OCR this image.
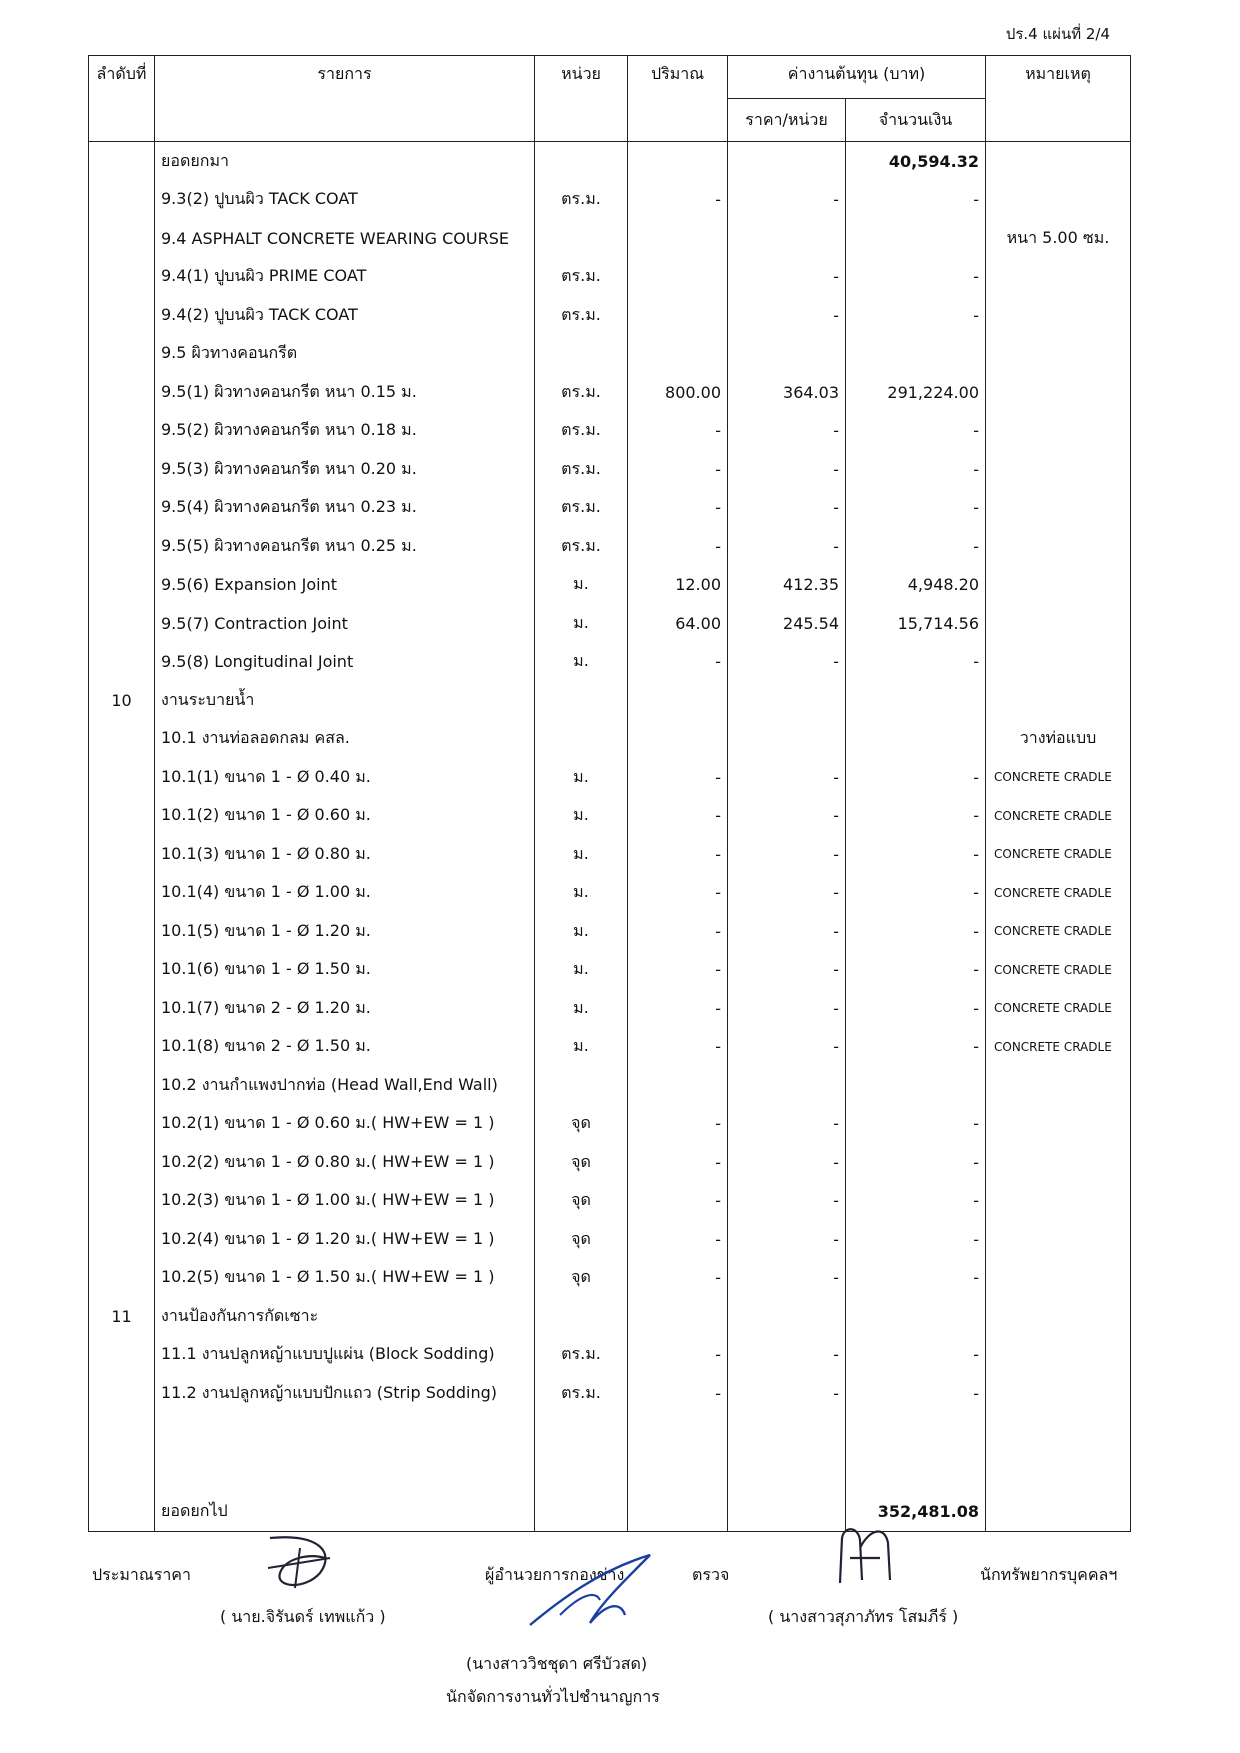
ปร.4 แผ่นที่ 2/4
ลำดับที่	รายการ	หน่วย	ปริมาณ	ค่างานต้นทุน (บาท)		หมายเหตุ
				ราคา/หน่วย	จำนวนเงิน	
	ยอดยกมา				40,594.32	
	9.3(2) ปูบนผิว TACK COAT	ตร.ม.	-	-	-	
	9.4 ASPHALT CONCRETE WEARING COURSE					หนา 5.00 ซม.
	9.4(1) ปูบนผิว PRIME COAT	ตร.ม.		-	-	
	9.4(2) ปูบนผิว TACK COAT	ตร.ม.		-	-	
	9.5 ผิวทางคอนกรีต					
	9.5(1) ผิวทางคอนกรีต หนา 0.15 ม.	ตร.ม.	800.00	364.03	291,224.00	
	9.5(2) ผิวทางคอนกรีต หนา 0.18 ม.	ตร.ม.	-	-	-	
	9.5(3) ผิวทางคอนกรีต หนา 0.20 ม.	ตร.ม.	-	-	-	
	9.5(4) ผิวทางคอนกรีต หนา 0.23 ม.	ตร.ม.	-	-	-	
	9.5(5) ผิวทางคอนกรีต หนา 0.25 ม.	ตร.ม.	-	-	-	
	9.5(6) Expansion Joint	ม.	12.00	412.35	4,948.20	
	9.5(7) Contraction Joint	ม.	64.00	245.54	15,714.56	
	9.5(8) Longitudinal Joint	ม.	-	-	-	
10	งานระบายน้ำ					
	10.1 งานท่อลอดกลม คสล.					วางท่อแบบ
	10.1(1) ขนาด 1 - Ø 0.40 ม.	ม.	-	-	-	CONCRETE CRADLE
	10.1(2) ขนาด 1 - Ø 0.60 ม.	ม.	-	-	-	CONCRETE CRADLE
	10.1(3) ขนาด 1 - Ø 0.80 ม.	ม.	-	-	-	CONCRETE CRADLE
	10.1(4) ขนาด 1 - Ø 1.00 ม.	ม.	-	-	-	CONCRETE CRADLE
	10.1(5) ขนาด 1 - Ø 1.20 ม.	ม.	-	-	-	CONCRETE CRADLE
	10.1(6) ขนาด 1 - Ø 1.50 ม.	ม.	-	-	-	CONCRETE CRADLE
	10.1(7) ขนาด 2 - Ø 1.20 ม.	ม.	-	-	-	CONCRETE CRADLE
	10.1(8) ขนาด 2 - Ø 1.50 ม.	ม.	-	-	-	CONCRETE CRADLE
	10.2 งานกำแพงปากท่อ (Head Wall,End Wall)					
	10.2(1) ขนาด 1 - Ø 0.60 ม.( HW+EW = 1 )	จุด	-	-	-	
	10.2(2) ขนาด 1 - Ø 0.80 ม.( HW+EW = 1 )	จุด	-	-	-	
	10.2(3) ขนาด 1 - Ø 1.00 ม.( HW+EW = 1 )	จุด	-	-	-	
	10.2(4) ขนาด 1 - Ø 1.20 ม.( HW+EW = 1 )	จุด	-	-	-	
	10.2(5) ขนาด 1 - Ø 1.50 ม.( HW+EW = 1 )	จุด	-	-	-	
11	งานป้องกันการกัดเซาะ					
	11.1 งานปลูกหญ้าแบบปูแผ่น (Block Sodding)	ตร.ม.	-	-	-	
	11.2 งานปลูกหญ้าแบบปักแถว (Strip Sodding)	ตร.ม.	-	-	-	

	ยอดยกไป				352,481.08	
ประมาณราคา
( นาย.จิรันดร์ เทพแก้ว )
ผู้อำนวยการกองช่าง	ตรวจ
( นางสาวสุภาภัทร โสมภีร์ )
นักทรัพยากรบุคคลฯ
(นางสาววิชชุดา ศรีบัวสด)
นักจัดการงานทั่วไปชำนาญการ
